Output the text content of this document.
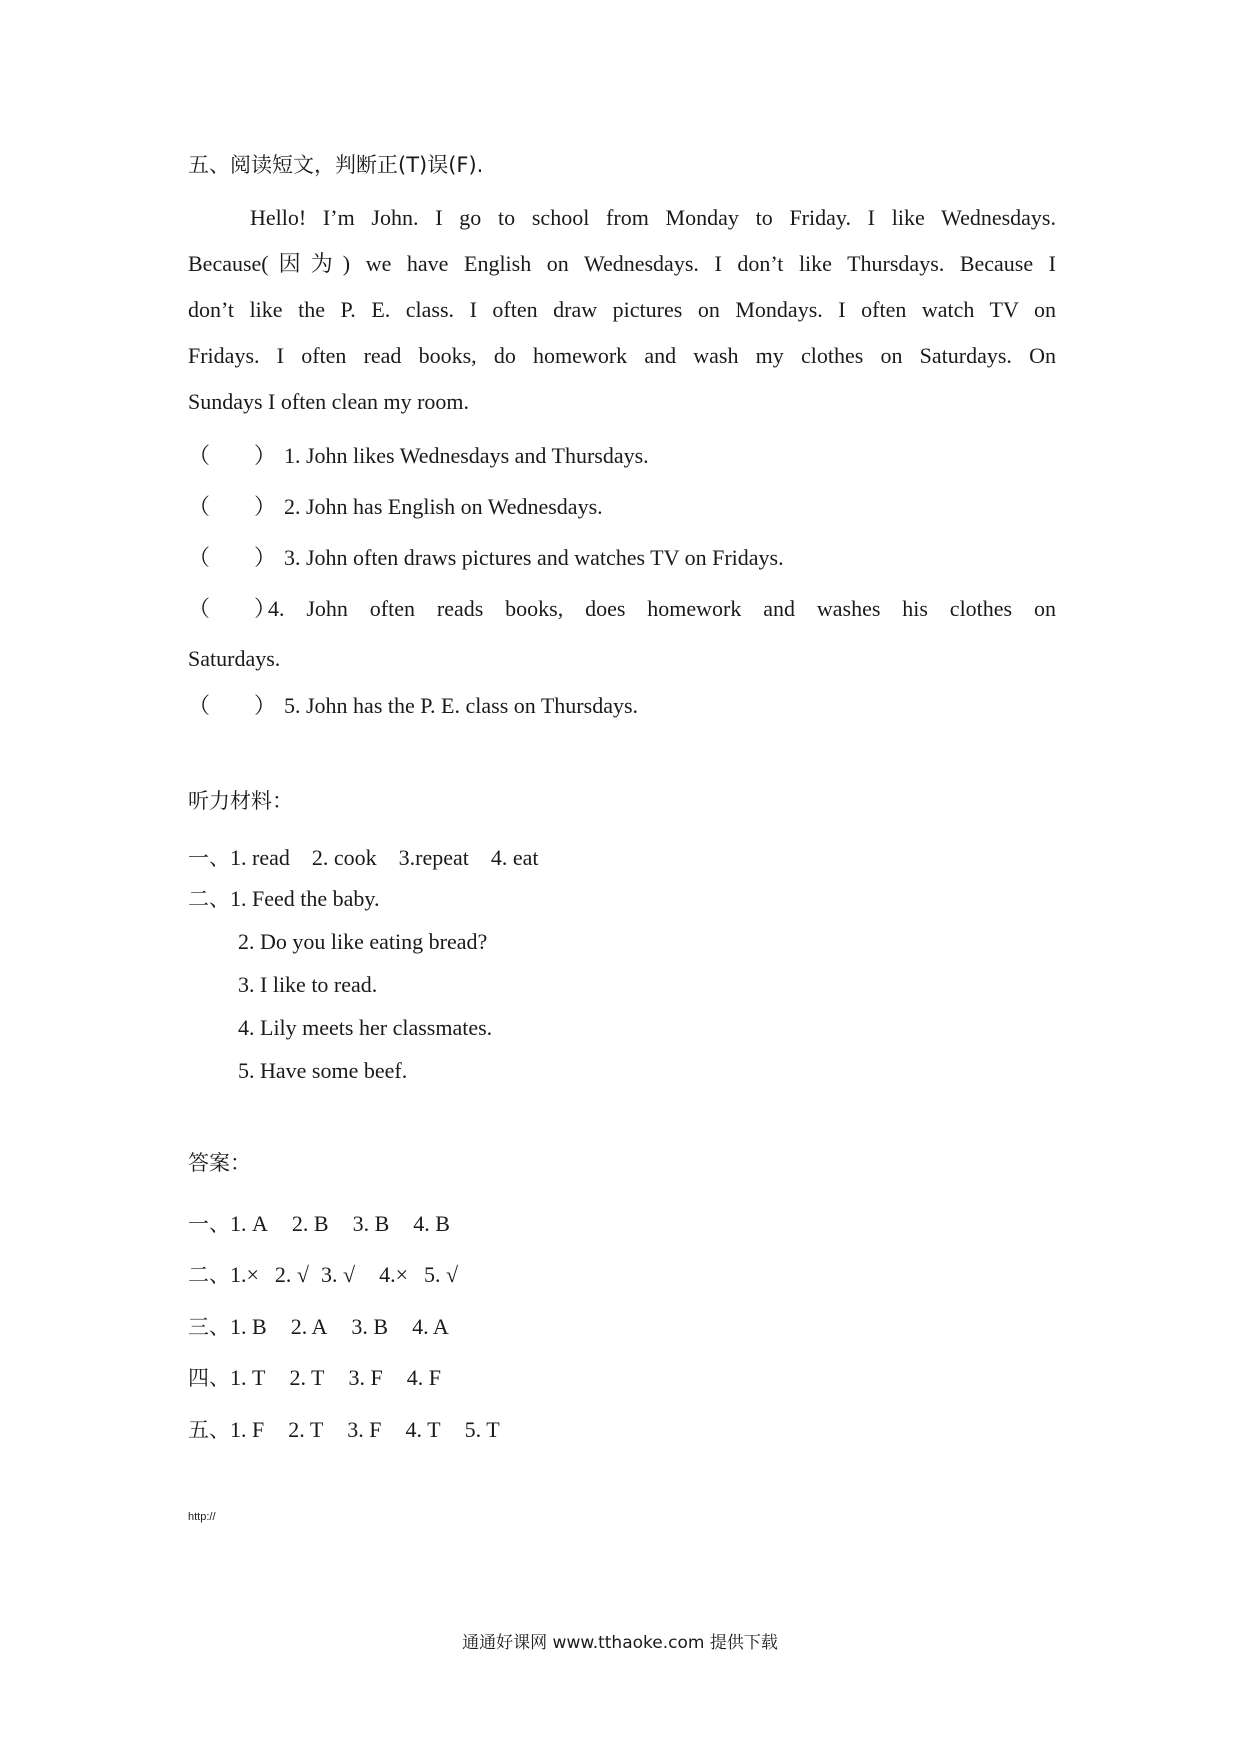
五、阅读短文，判断正(T)误(F).

Hello! I’m John. I go to school from Monday to Friday. I like Wednesdays.

Because(因为) we have English on Wednesdays. I don’t like Thursdays. Because I

don’t like the P. E. class. I often draw pictures on Mondays. I often watch TV on

Fridays. I often read books, do homework and wash my clothes on Saturdays. On

Sundays I often clean my room.

（　　） 1. John likes Wednesdays and Thursdays.
（　　） 2. John has English on Wednesdays.
（　　） 3. John often draws pictures and watches TV on Fridays.
（　　）4. John often reads books, does homework and washes his clothes on
Saturdays.
（　　） 5. John has the P. E. class on Thursdays.
听力材料：
一、1. read 2. cook 3.repeat 4. eat
二、1. Feed the baby.
2. Do you like eating bread?
3. I like to read.
4. Lily meets her classmates.
5. Have some beef.
答案：
一、1. A 2. B 3. B 4. B
二、1.× 2. √ 3. √ 4.× 5. √
三、1. B 2. A 3. B 4. A
四、1. T 2. T 3. F 4. F
五、1. F 2. T 3. F 4. T 5. T
http://
通通好课网 www.tthaoke.com 提供下载
